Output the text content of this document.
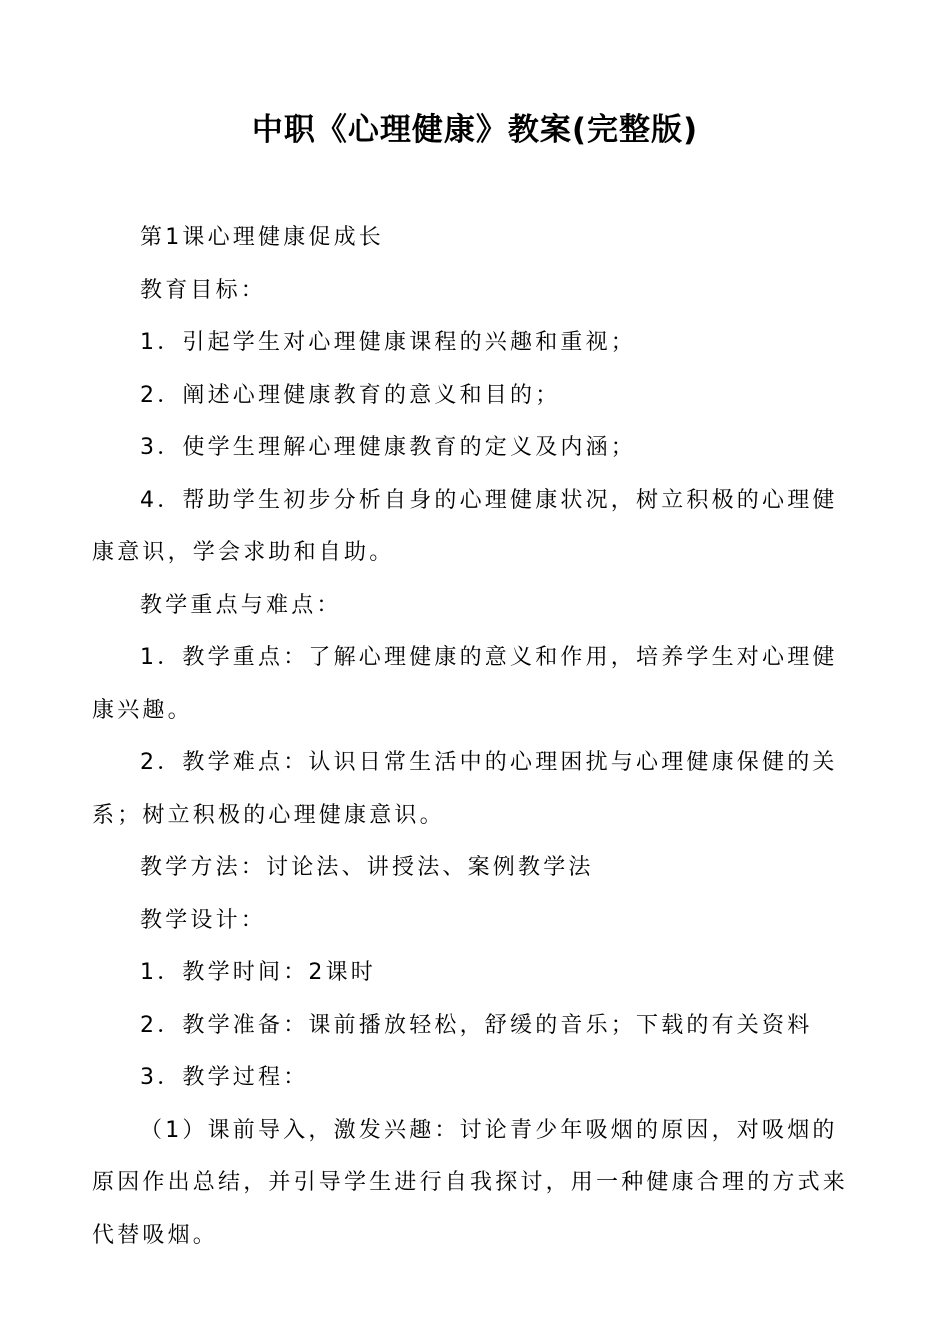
中职《心理健康》教案(完整版)

第1课心理健康促成长

教育目标：

1．引起学生对心理健康课程的兴趣和重视；

2．阐述心理健康教育的意义和目的；

3．使学生理解心理健康教育的定义及内涵；

4．帮助学生初步分析自身的心理健康状况，树立积极的心理健康意识，学会求助和自助。

教学重点与难点：

1．教学重点：了解心理健康的意义和作用，培养学生对心理健康兴趣。

2．教学难点：认识日常生活中的心理困扰与心理健康保健的关系；树立积极的心理健康意识。

教学方法：讨论法、讲授法、案例教学法

教学设计：

1．教学时间：2课时

2．教学准备：课前播放轻松，舒缓的音乐；下载的有关资料

3．教学过程：

（1）课前导入，激发兴趣：讨论青少年吸烟的原因，对吸烟的原因作出总结，并引导学生进行自我探讨，用一种健康合理的方式来代替吸烟。
